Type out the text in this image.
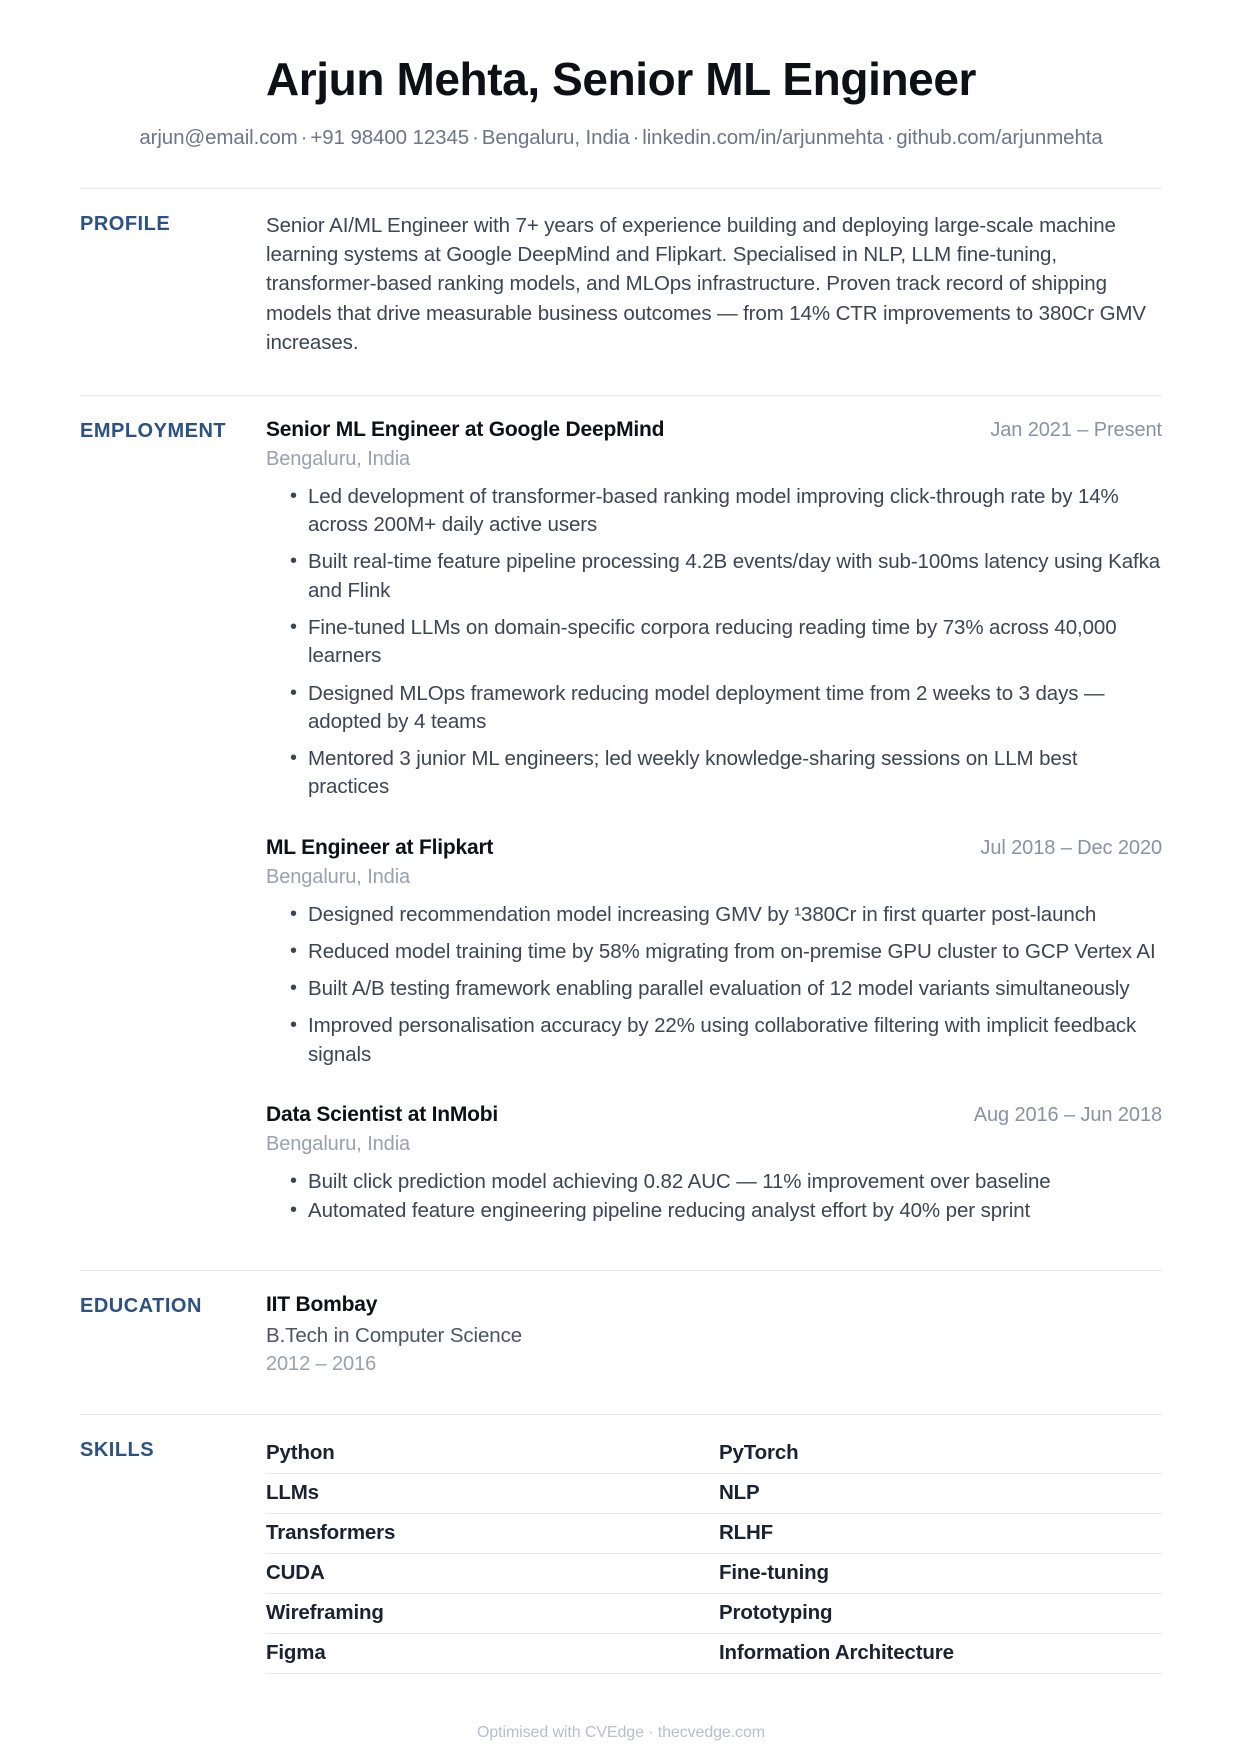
Arjun Mehta, Senior ML Engineer
arjun@email.com · +91 98400 12345 · Bengaluru, India · linkedin.com/in/arjunmehta · github.com/arjunmehta
PROFILE	Senior AI/ML Engineer with 7+ years of experience building and deploying large-scale machine learning systems at Google DeepMind and Flipkart. Specialised in NLP, LLM fine-tuning, transformer-based ranking models, and MLOps infrastructure. Proven track record of shipping models that drive measurable business outcomes — from 14% CTR improvements to 380Cr GMV increases.
EMPLOYMENT	Senior ML Engineer at Google DeepMind	Jan 2021 – Present
Bengaluru, India
• Led development of transformer-based ranking model improving click-through rate by 14% across 200M+ daily active users
• Built real-time feature pipeline processing 4.2B events/day with sub-100ms latency using Kafka and Flink
• Fine-tuned LLMs on domain-specific corpora reducing reading time by 73% across 40,000 learners
• Designed MLOps framework reducing model deployment time from 2 weeks to 3 days — adopted by 4 teams
• Mentored 3 junior ML engineers; led weekly knowledge-sharing sessions on LLM best practices
ML Engineer at Flipkart	Jul 2018 – Dec 2020
Bengaluru, India
• Designed recommendation model increasing GMV by ¹380Cr in first quarter post-launch
• Reduced model training time by 58% migrating from on-premise GPU cluster to GCP Vertex AI
• Built A/B testing framework enabling parallel evaluation of 12 model variants simultaneously
• Improved personalisation accuracy by 22% using collaborative filtering with implicit feedback signals
Data Scientist at InMobi	Aug 2016 – Jun 2018
Bengaluru, India
• Built click prediction model achieving 0.82 AUC — 11% improvement over baseline
• Automated feature engineering pipeline reducing analyst effort by 40% per sprint
EDUCATION	IIT Bombay
B.Tech in Computer Science
2012 – 2016
SKILLS	Python	PyTorch
LLMs	NLP
Transformers	RLHF
CUDA	Fine-tuning
Wireframing	Prototyping
Figma	Information Architecture
Optimised with CVEdge · thecvedge.com
